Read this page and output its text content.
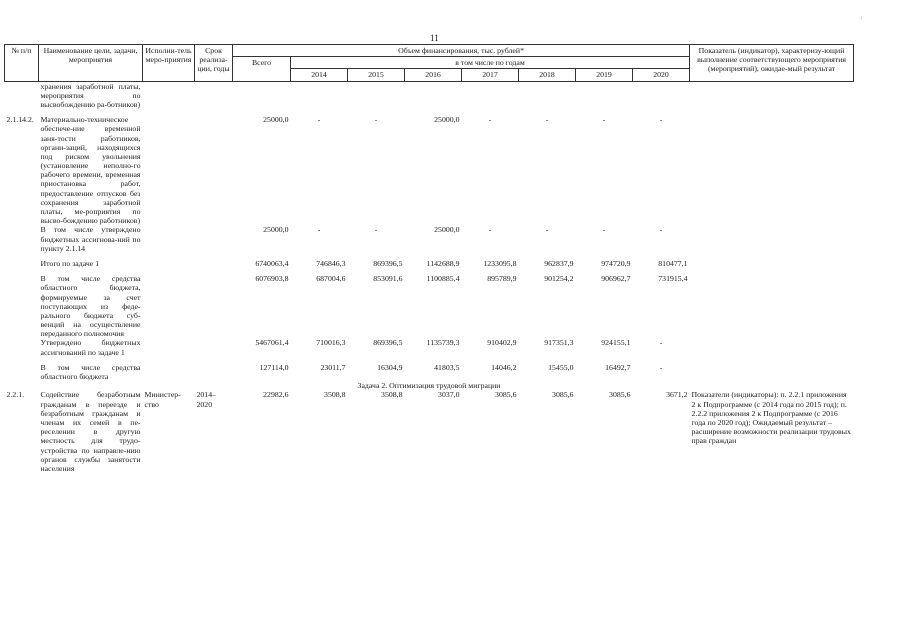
11
·
№ п/п	Наименование цели, задачи, мероприятия	Исполни-тель меро-приятия	Срок реализа-ции, годы	Объем финансирования, тыс. рублей*								Показатель (индикатор), характеризу-ющий выполнение соответствующего мероприятия (мероприятий), ожидае-мый результат
				Всего	в том числе по годам							
					2014	2015	2016	2017	2018	2019	2020	
	хранения заработной платы, мероприятия по высвобождению ра-ботников)											

2.1.14.2.	Материально-техническое обеспече-ние временной заня-тости работников, органи-заций, находящихся под риском увольнения (установление неполно-го рабочего времени, временная приостановка работ, предоставление отпусков без сохранения заработной платы, ме-роприятия по высво-бождению работников)			25000,0	-	-	25000,0	-	-	-	-	
	В том числе утверждено бюджетных ассигнова-ний по пункту 2.1.14			25000,0	-	-	25000,0	-	-	-	-	

	Итого по задаче 1			6740063,4	746846,3	869396,5	1142688,9	1233095,8	962837,9	974720,9	810477,1	

	В том числе средства областного бюджета, формируемые за счет поступающих из феде-рального бюджета суб-венций на осуществление переданного полномочия			6076903,8	687004,6	853091,6	1100885,4	895789,9	901254,2	906962,7	731915,4	
	Утверждено бюджетных ассигнований по задаче 1			5467061,4	710016,3	869396,5	1135739,3	910402,9	917351,3	924155,1	-	

	В том числе средства областного бюджета			127114,0	23011,7	16304,9	41803,5	14046,2	15455,0	16492,7	-	
Задача 2. Оптимизация трудовой миграции												
2.2.1.	Содействие безработным гражданам в переезде и безработным гражданам и членам их семей в пе-реселении в другую местность для трудо-устройства по направле-нию органов службы занятости населения	Министер-ство	2014–2020	22982,6	3508,8	3508,8	3037,0	3085,6	3085,6	3085,6	3671,2	Показатели (индикаторы): п. 2.2.1 приложения 2 к Подпрограмме (с 2014 года по 2015 год); п. 2.2.2 приложения 2 к Подпрограмме (с 2016 года по 2020 год); Ожидаемый результат – расширение возможности реализации трудовых прав граждан
